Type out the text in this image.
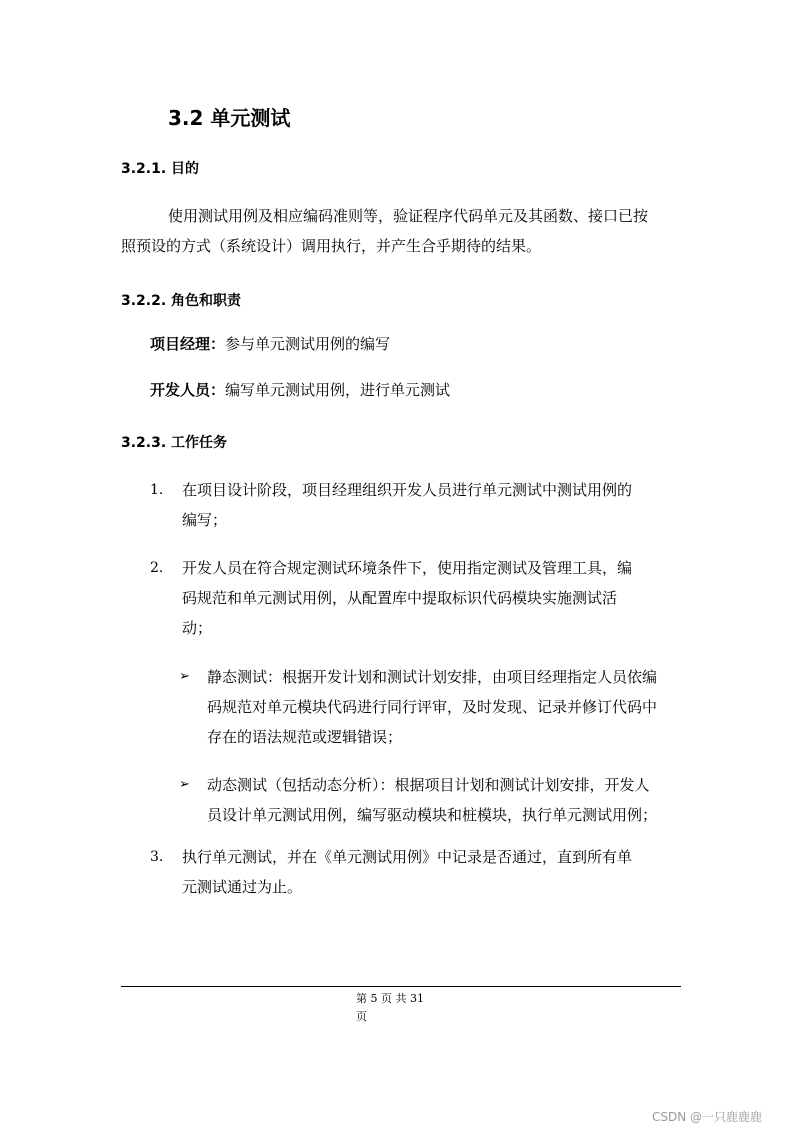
3.2 单元测试
3.2.1. 目的
使用测试用例及相应编码准则等，验证程序代码单元及其函数、接口已按
照预设的方式（系统设计）调用执行，并产生合乎期待的结果。
3.2.2. 角色和职责
项目经理：参与单元测试用例的编写
开发人员：编写单元测试用例，进行单元测试
3.2.3. 工作任务
1. 在项目设计阶段，项目经理组织开发人员进行单元测试中测试用例的
编写；
2. 开发人员在符合规定测试环境条件下，使用指定测试及管理工具，编
码规范和单元测试用例，从配置库中提取标识代码模块实施测试活
动；
➢ 静态测试：根据开发计划和测试计划安排，由项目经理指定人员依编
码规范对单元模块代码进行同行评审，及时发现、记录并修订代码中
存在的语法规范或逻辑错误；
➢ 动态测试（包括动态分析）：根据项目计划和测试计划安排，开发人
员设计单元测试用例，编写驱动模块和桩模块，执行单元测试用例；
3. 执行单元测试，并在《单元测试用例》中记录是否通过，直到所有单
元测试通过为止。
第 5 页 共 31
页
CSDN @一只鹿鹿鹿
